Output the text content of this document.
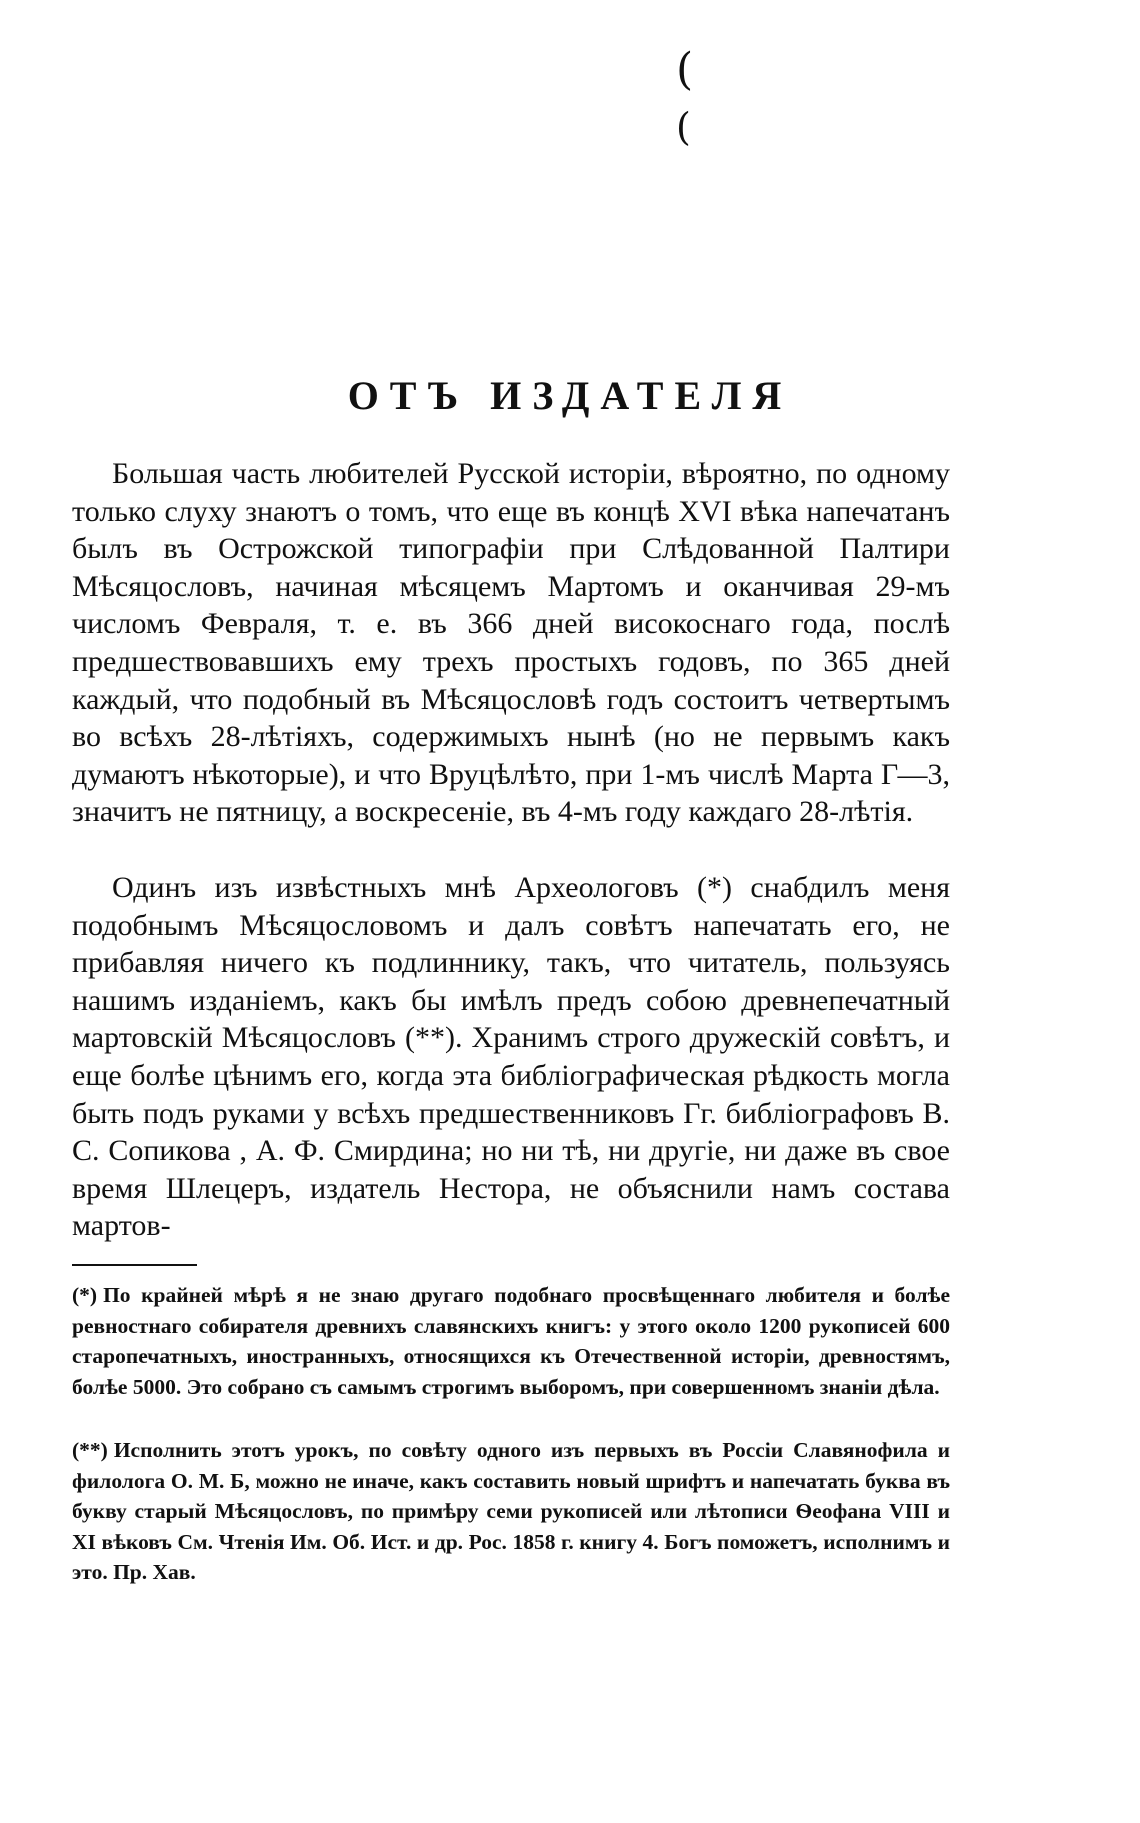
(
(
ОТЪ ИЗДАТЕЛЯ

Большая часть любителей Русской исторіи, вѣроятно, по одному только слуху знаютъ о томъ, что еще въ концѣ XVI вѣка напечатанъ былъ въ Острожской типографіи при Слѣдованной Палтири Мѣсяцословъ, начиная мѣсяцемъ Мартомъ и оканчивая 29-мъ числомъ Февраля, т. е. въ 366 дней високоснаго года, послѣ предшествовавшихъ ему трехъ простыхъ годовъ, по 365 дней каждый, что подобный въ Мѣсяцословѣ годъ состоитъ четвертымъ во всѣхъ 28-лѣтіяхъ, содержимыхъ нынѣ (но не первымъ какъ думаютъ нѣкоторые), и что Вруцѣлѣто, при 1-мъ числѣ Марта Г—3, значитъ не пятницу, а воскресеніе, въ 4-мъ году каждаго 28-лѣтія.

Одинъ изъ извѣстныхъ мнѣ Археологовъ (*) снабдилъ меня подобнымъ Мѣсяцословомъ и далъ совѣтъ напечатать его, не прибавляя ничего къ подлиннику, такъ, что читатель, пользуясь нашимъ изданіемъ, какъ бы имѣлъ предъ собою древнепечатный мартовскій Мѣсяцословъ (**). Хранимъ строго дружескій совѣтъ, и еще болѣе цѣнимъ его, когда эта библіографическая рѣдкость могла быть подъ руками у всѣхъ предшественниковъ Гг. библіографовъ В. С. Сопикова , А. Ф. Смирдина; но ни тѣ, ни другіе, ни даже въ свое время Шлецеръ, издатель Нестора, не объяснили намъ состава мартов-

(*) По крайней мѣрѣ я не знаю другаго подобнаго просвѣщеннаго любителя и болѣе ревностнаго собирателя древнихъ славянскихъ книгъ: у этого около 1200 рукописей 600 старопечатныхъ, иностранныхъ, относящихся къ Отечественной исторіи, древностямъ, болѣе 5000. Это собрано съ самымъ строгимъ выборомъ, при совершенномъ знаніи дѣла.

(**) Исполнить этотъ урокъ, по совѣту одного изъ первыхъ въ Россіи Славянофила и филолога О. М. Б, можно не иначе, какъ составить новый шрифтъ и напечатать буква въ букву старый Мѣсяцословъ, по примѣру семи рукописей или лѣтописи Ѳеофана VIII и XI вѣковъ См. Чтенія Им. Об. Ист. и др. Рос. 1858 г. книгу 4. Богъ поможетъ, исполнимъ и это. Пр. Хав.
